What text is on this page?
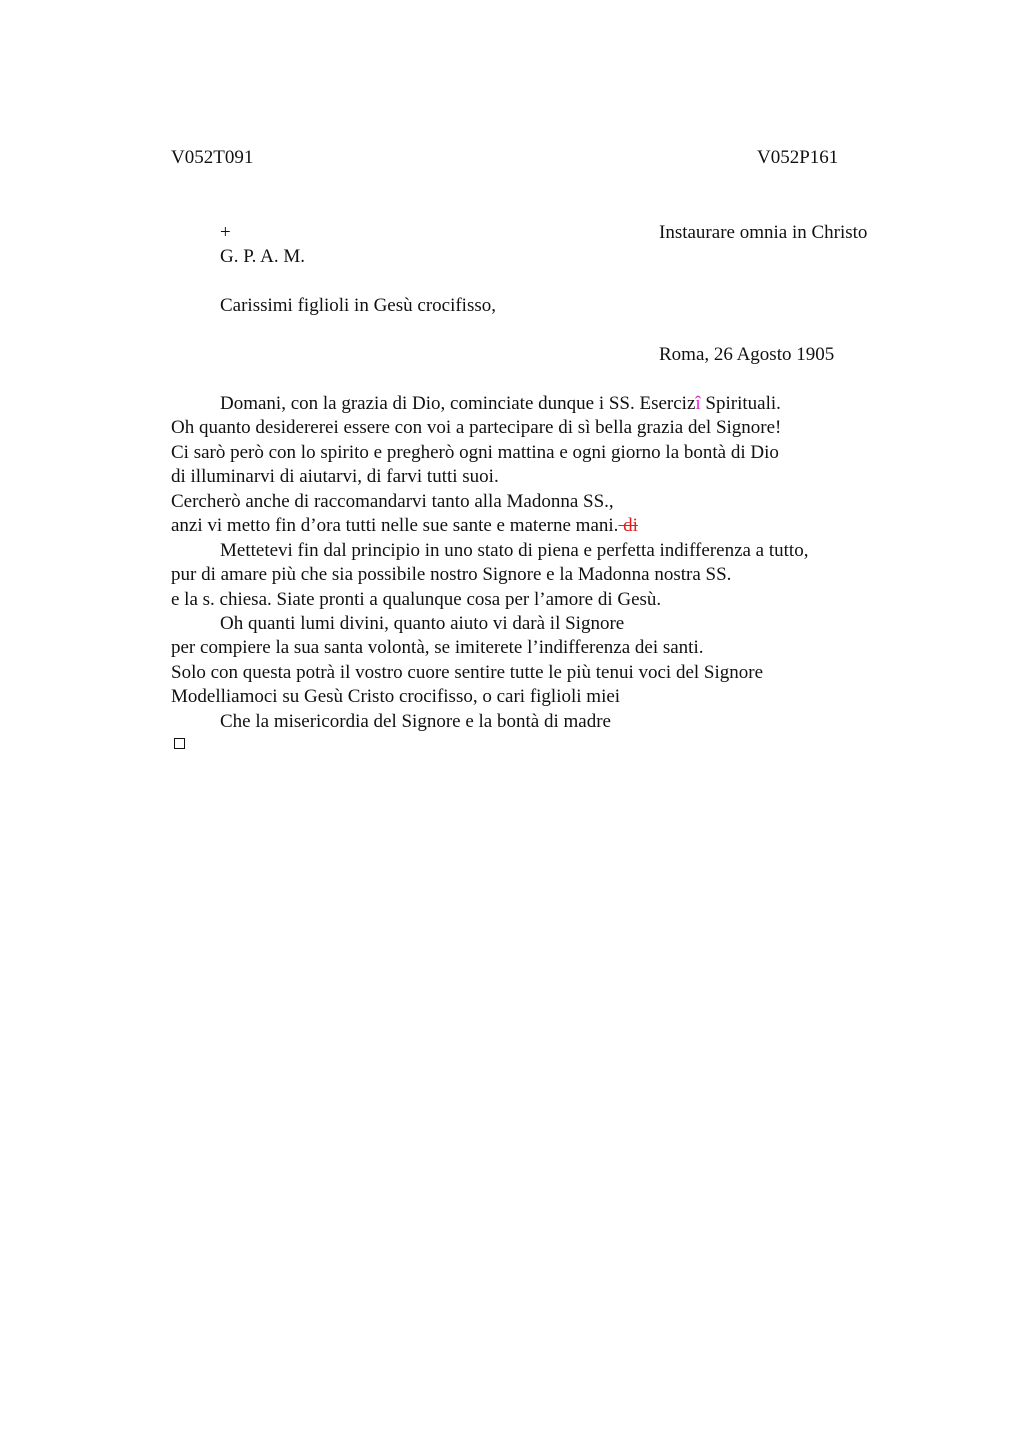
V052T091	V052P161
+	Instaurare omnia in Christo
G. P. A. M.
Carissimi figlioli in Gesù crocifisso,
Roma, 26 Agosto 1905
Domani, con la grazia di Dio, cominciate dunque i SS. Esercizî Spirituali.
Oh quanto desidererei essere con voi a partecipare di sì bella grazia del Signore!
Ci sarò però con lo spirito e pregherò ogni mattina e ogni giorno la bontà di Dio
di illuminarvi di aiutarvi, di farvi tutti suoi.
Cercherò anche di raccomandarvi tanto alla Madonna SS.,
anzi vi metto fin d’ora tutti nelle sue sante e materne mani. di
Mettetevi fin dal principio in uno stato di piena e perfetta indifferenza a tutto,
pur di amare più che sia possibile nostro Signore e la Madonna nostra SS.
e la s. chiesa. Siate pronti a qualunque cosa per l’amore di Gesù.
Oh quanti lumi divini, quanto aiuto vi darà il Signore
per compiere la sua santa volontà, se imiterete l’indifferenza dei santi.
Solo con questa potrà il vostro cuore sentire tutte le più tenui voci del Signore
Modelliamoci su Gesù Cristo crocifisso, o cari figlioli miei
Che la misericordia del Signore e la bontà di madre
